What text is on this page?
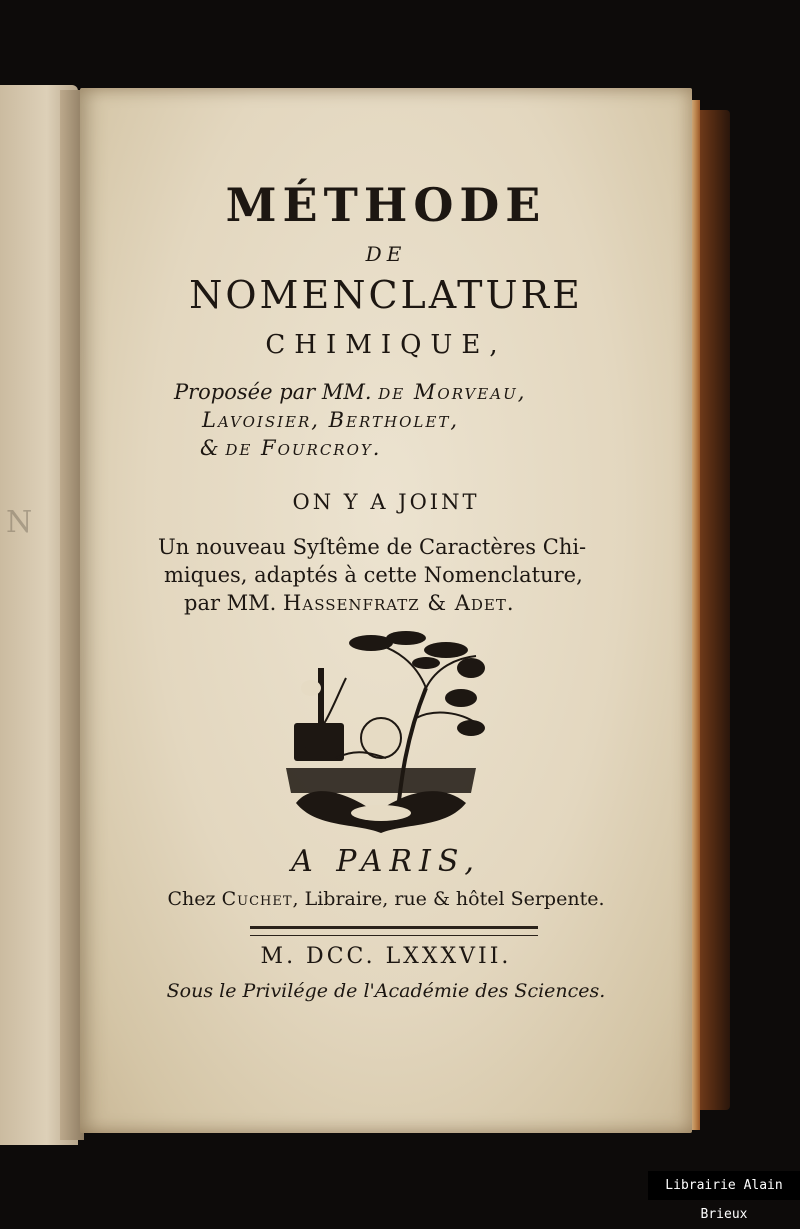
N
MÉTHODE
DE
NOMENCLATURE
CHIMIQUE,
Proposée par MM. de Morveau,
Lavoisier, Bertholet,
& de Fourcroy.
ON Y A JOINT
Un nouveau Syſtême de Caractères Chi-
miques, adaptés à cette Nomenclature,
par MM. Hassenfratz & Adet.
A PARIS,
Chez Cuchet, Libraire, rue & hôtel Serpente.
M. DCC. LXXXVII.
Sous le Privilége de l'Académie des Sciences.
Librairie Alain Brieux
